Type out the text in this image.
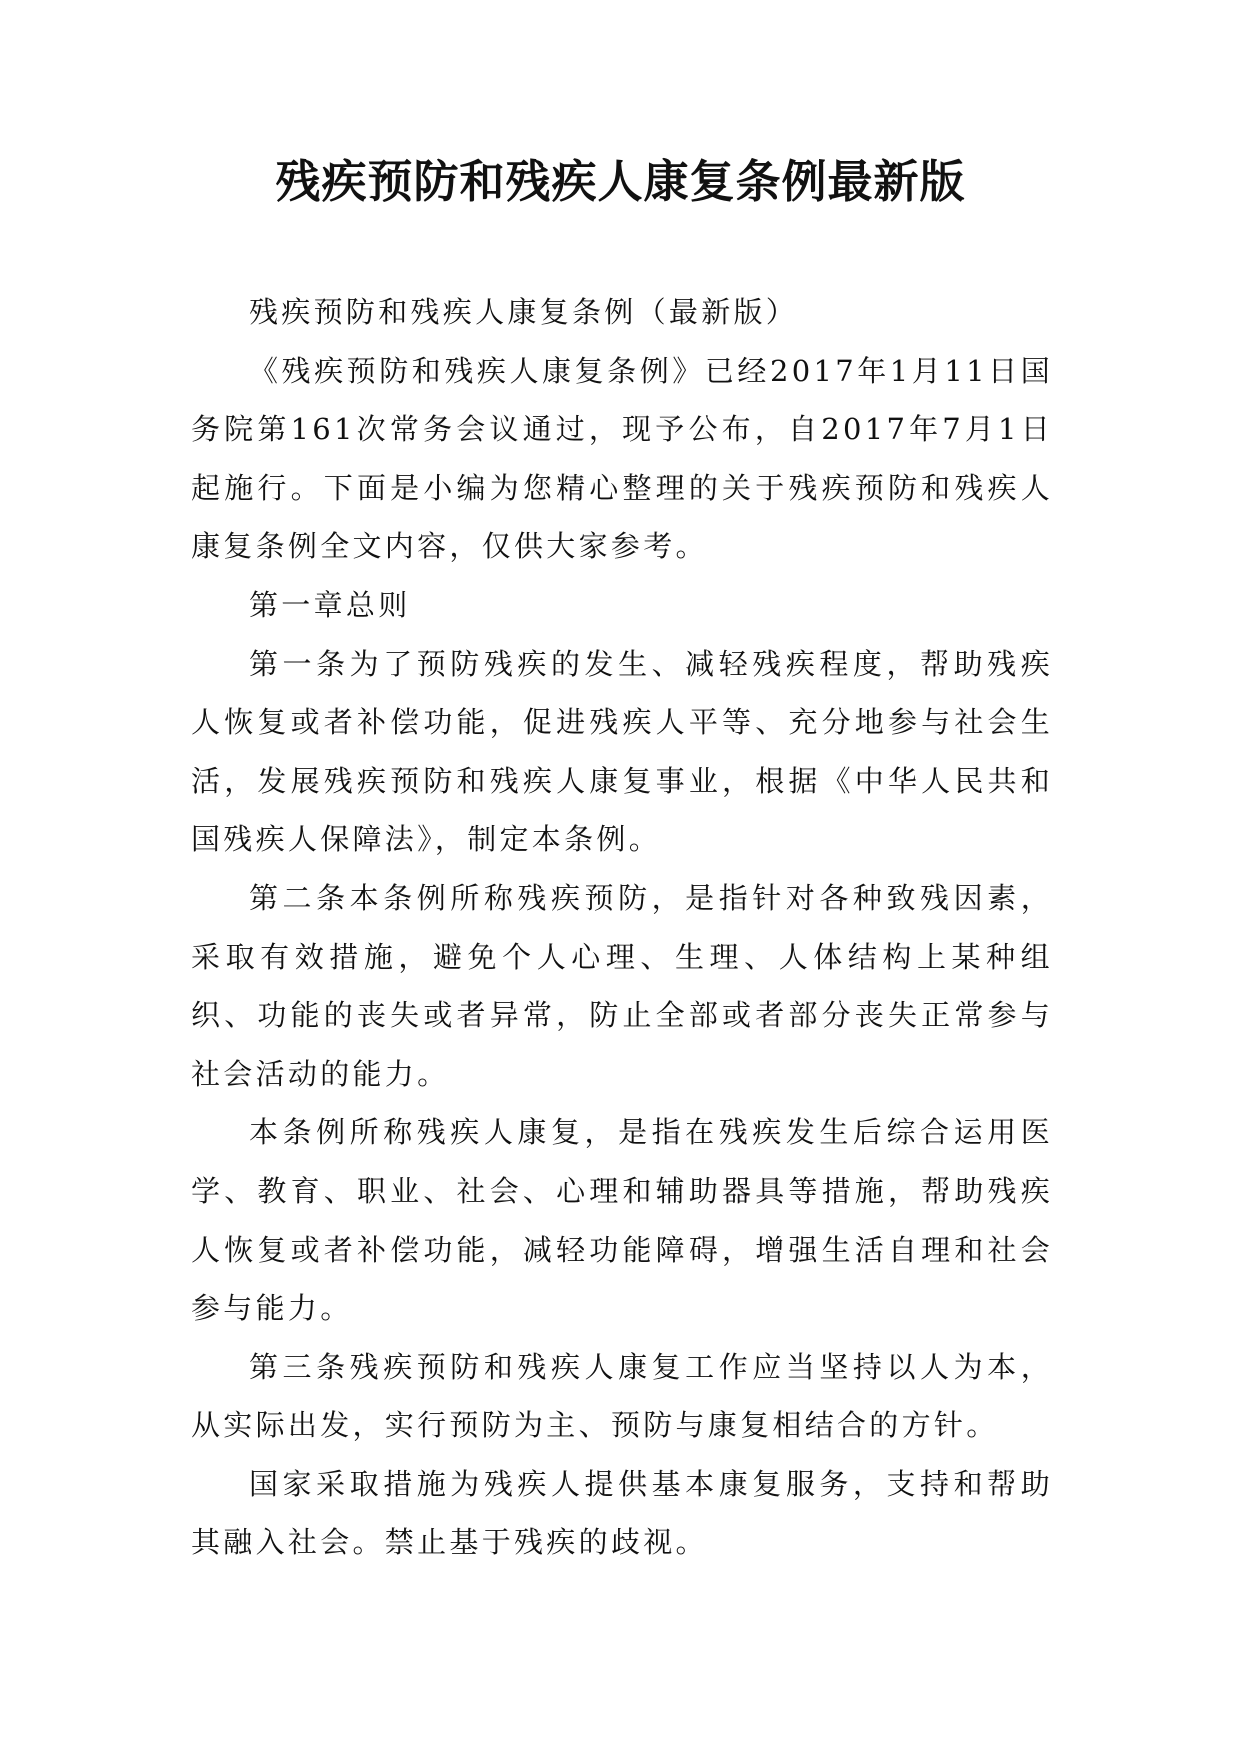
残疾预防和残疾人康复条例最新版

残疾预防和残疾人康复条例（最新版）

《残疾预防和残疾人康复条例》已经2017年1月11日国务院第161次常务会议通过，现予公布，自2017年7月1日起施行。下面是小编为您精心整理的关于残疾预防和残疾人康复条例全文内容，仅供大家参考。

第一章总则

第一条为了预防残疾的发生、减轻残疾程度，帮助残疾人恢复或者补偿功能，促进残疾人平等、充分地参与社会生活，发展残疾预防和残疾人康复事业，根据《中华人民共和国残疾人保障法》，制定本条例。

第二条本条例所称残疾预防，是指针对各种致残因素，采取有效措施，避免个人心理、生理、人体结构上某种组织、功能的丧失或者异常，防止全部或者部分丧失正常参与社会活动的能力。

本条例所称残疾人康复，是指在残疾发生后综合运用医学、教育、职业、社会、心理和辅助器具等措施，帮助残疾人恢复或者补偿功能，减轻功能障碍，增强生活自理和社会参与能力。

第三条残疾预防和残疾人康复工作应当坚持以人为本，从实际出发，实行预防为主、预防与康复相结合的方针。

国家采取措施为残疾人提供基本康复服务，支持和帮助其融入社会。禁止基于残疾的歧视。
